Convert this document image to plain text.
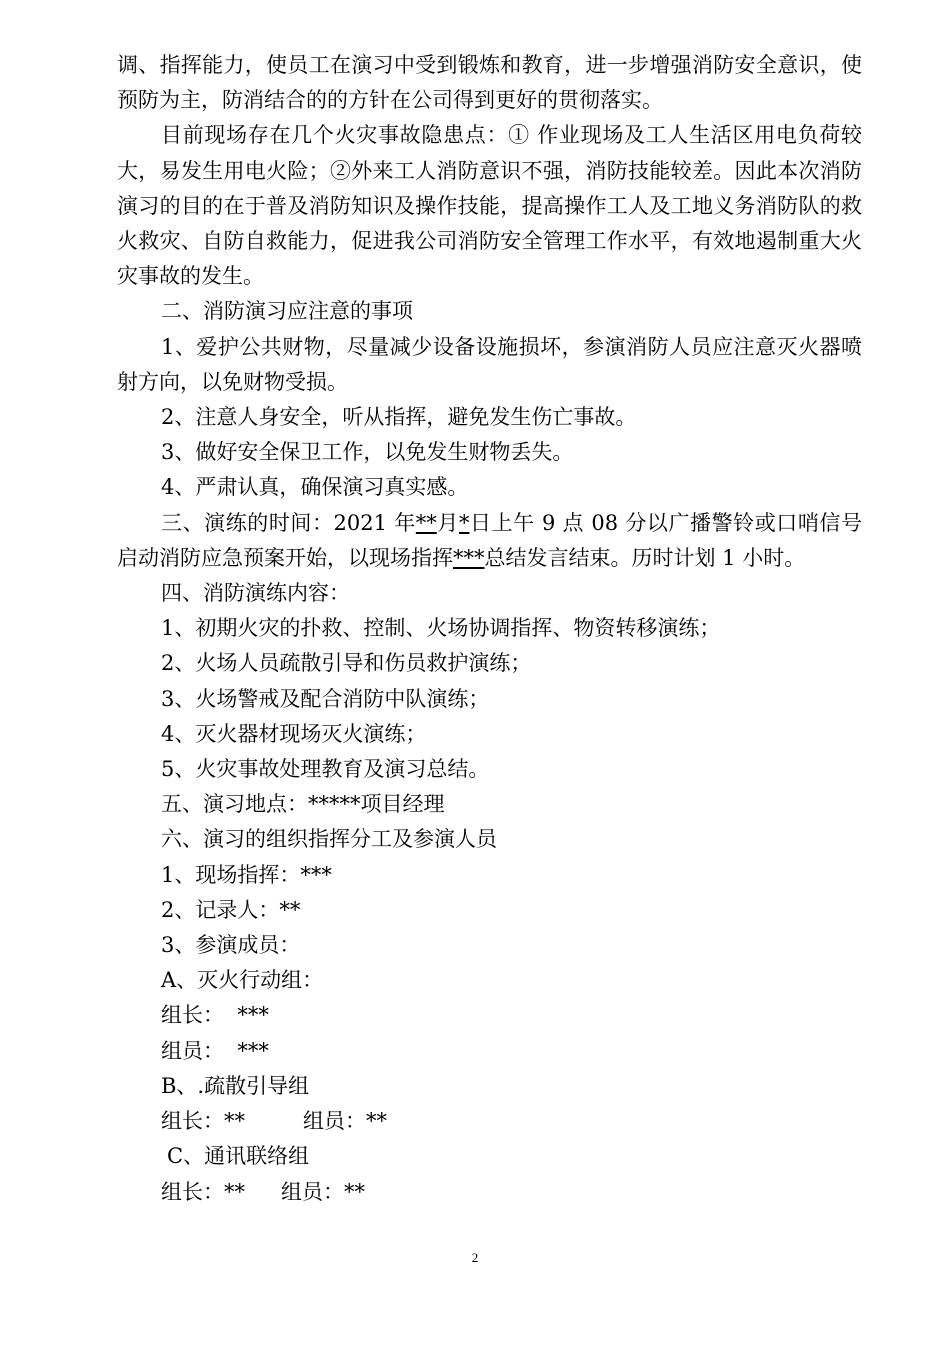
调、指挥能力，使员工在演习中受到锻炼和教育，进一步增强消防安全意识，使预防为主，防消结合的的方针在公司得到更好的贯彻落实。

目前现场存在几个火灾事故隐患点：① 作业现场及工人生活区用电负荷较大，易发生用电火险；②外来工人消防意识不强，消防技能较差。因此本次消防演习的目的在于普及消防知识及操作技能，提高操作工人及工地义务消防队的救火救灾、自防自救能力，促进我公司消防安全管理工作水平，有效地遏制重大火灾事故的发生。

二、消防演习应注意的事项

1、爱护公共财物，尽量减少设备设施损坏，参演消防人员应注意灭火器喷射方向，以免财物受损。

2、注意人身安全，听从指挥，避免发生伤亡事故。

3、做好安全保卫工作，以免发生财物丢失。

4、严肃认真，确保演习真实感。

三、演练的时间：2021 年**月*日上午 9 点 08 分以广播警铃或口哨信号启动消防应急预案开始，以现场指挥***总结发言结束。历时计划 1 小时。

四、消防演练内容：

1、初期火灾的扑救、控制、火场协调指挥、物资转移演练；

2、火场人员疏散引导和伤员救护演练；

3、火场警戒及配合消防中队演练；

4、灭火器材现场灭火演练；

5、火灾事故处理教育及演习总结。

五、演习地点：*****项目经理

六、演习的组织指挥分工及参演人员

1、现场指挥：***

2、记录人：**

3、参演成员：

A、灭火行动组：

组长：  ***

组员：  ***

B、.疏散引导组

组长：**	组员：**

C、通讯联络组

组长：** 组员：**

2
